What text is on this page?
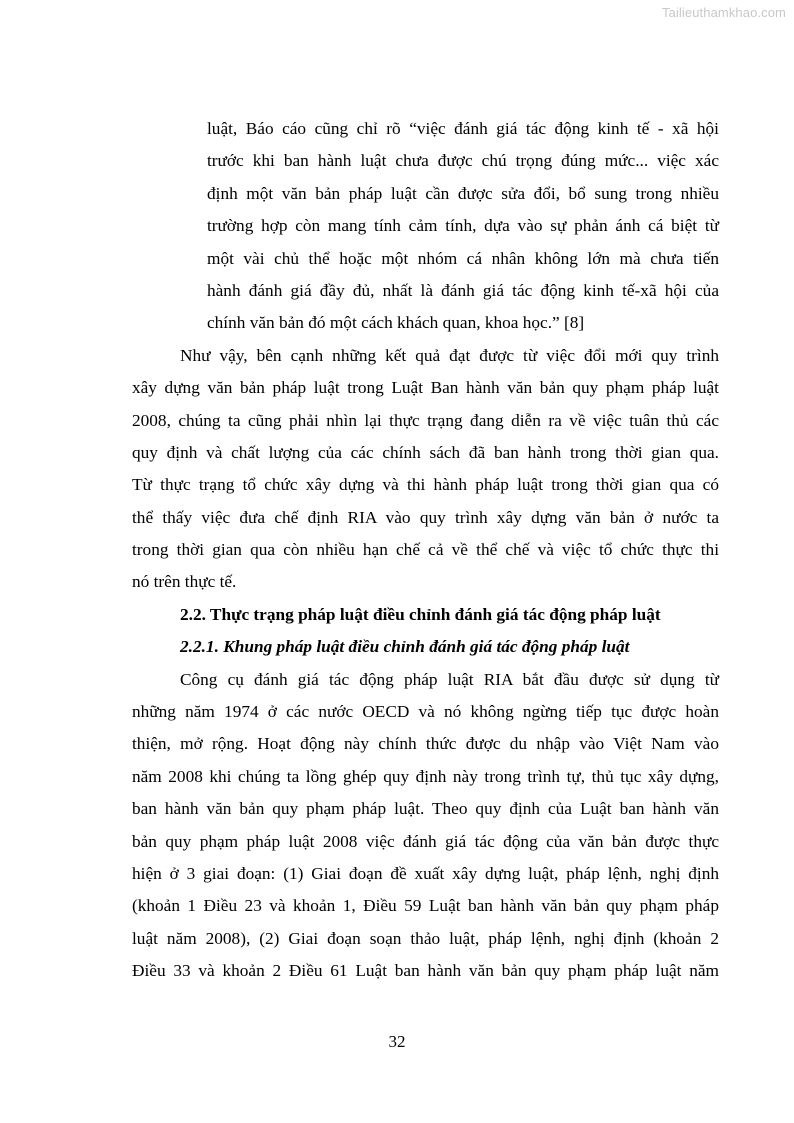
Tailieuthamkhao.com
luật, Báo cáo cũng chỉ rõ “việc đánh giá tác động kinh tế - xã hội
trước khi ban hành luật chưa được chú trọng đúng mức... việc xác
định một văn bản pháp luật cần được sửa đổi, bổ sung trong nhiều
trường hợp còn mang tính cảm tính, dựa vào sự phản ánh cá biệt từ
một vài chủ thể hoặc một nhóm cá nhân không lớn mà chưa tiến
hành đánh giá đầy đủ, nhất là đánh giá tác động kinh tế-xã hội của
chính văn bản đó một cách khách quan, khoa học.” [8]
Như vậy, bên cạnh những kết quả đạt được từ việc đổi mới quy trình
xây dựng văn bản pháp luật trong Luật Ban hành văn bản quy phạm pháp luật
2008, chúng ta cũng phải nhìn lại thực trạng đang diễn ra về việc tuân thủ các
quy định và chất lượng của các chính sách đã ban hành trong thời gian qua.
Từ thực trạng tổ chức xây dựng và thi hành pháp luật trong thời gian qua có
thể thấy việc đưa chế định RIA vào quy trình xây dựng văn bản ở nước ta
trong thời gian qua còn nhiều hạn chế cả về thể chế và việc tổ chức thực thi
nó trên thực tế.
2.2. Thực trạng pháp luật điều chỉnh đánh giá tác động pháp luật
2.2.1. Khung pháp luật điều chỉnh đánh giá tác động pháp luật
Công cụ đánh giá tác động pháp luật RIA bắt đầu được sử dụng từ
những năm 1974 ở các nước OECD và nó không ngừng tiếp tục được hoàn
thiện, mở rộng. Hoạt động này chính thức được du nhập vào Việt Nam vào
năm 2008 khi chúng ta lồng ghép quy định này trong trình tự, thủ tục xây dựng,
ban hành văn bản quy phạm pháp luật. Theo quy định của Luật ban hành văn
bản quy phạm pháp luật 2008 việc đánh giá tác động của văn bản được thực
hiện ở 3 giai đoạn: (1) Giai đoạn đề xuất xây dựng luật, pháp lệnh, nghị định
(khoản 1 Điều 23 và khoản 1, Điều 59 Luật ban hành văn bản quy phạm pháp
luật năm 2008), (2) Giai đoạn soạn thảo luật, pháp lệnh, nghị định (khoản 2
Điều 33 và khoản 2 Điều 61 Luật ban hành văn bản quy phạm pháp luật năm
32
